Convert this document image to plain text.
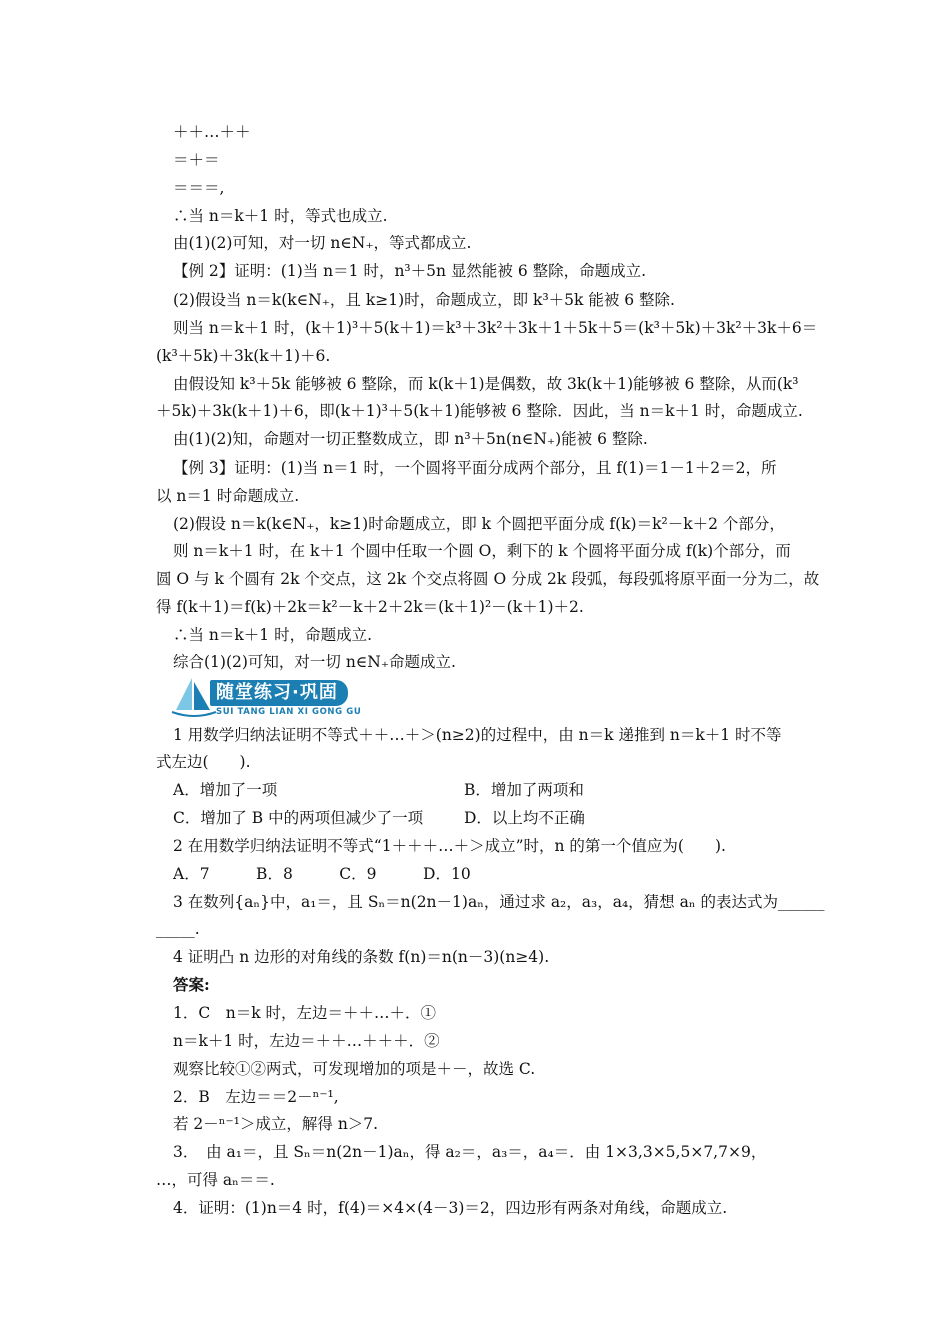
＋＋…＋＋
＝＋＝
＝＝＝,
∴当 n＝k＋1 时，等式也成立.
由(1)(2)可知，对一切 n∈N₊，等式都成立.
【例 2】证明：(1)当 n＝1 时，n³＋5n 显然能被 6 整除，命题成立.
(2)假设当 n＝k(k∈N₊，且 k≥1)时，命题成立，即 k³＋5k 能被 6 整除.
则当 n＝k＋1 时，(k＋1)³＋5(k＋1)＝k³＋3k²＋3k＋1＋5k＋5＝(k³＋5k)＋3k²＋3k＋6＝
(k³＋5k)＋3k(k＋1)＋6.
由假设知 k³＋5k 能够被 6 整除，而 k(k＋1)是偶数，故 3k(k＋1)能够被 6 整除，从而(k³
＋5k)＋3k(k＋1)＋6，即(k＋1)³＋5(k＋1)能够被 6 整除．因此，当 n＝k＋1 时，命题成立.
由(1)(2)知，命题对一切正整数成立，即 n³＋5n(n∈N₊)能被 6 整除.
【例 3】证明：(1)当 n＝1 时，一个圆将平面分成两个部分，且 f(1)＝1－1＋2＝2，所
以 n＝1 时命题成立.
(2)假设 n＝k(k∈N₊，k≥1)时命题成立，即 k 个圆把平面分成 f(k)＝k²－k＋2 个部分，
则 n＝k＋1 时，在 k＋1 个圆中任取一个圆 O，剩下的 k 个圆将平面分成 f(k)个部分，而
圆 O 与 k 个圆有 2k 个交点，这 2k 个交点将圆 O 分成 2k 段弧，每段弧将原平面一分为二，故
得 f(k＋1)＝f(k)＋2k＝k²－k＋2＋2k＝(k＋1)²－(k＋1)＋2.
∴当 n＝k＋1 时，命题成立.
综合(1)(2)可知，对一切 n∈N₊命题成立.
随堂练习·巩固
SUI TANG LIAN XI GONG GU
1 用数学归纳法证明不等式＋＋…＋＞(n≥2)的过程中，由 n＝k 递推到 n＝k＋1 时不等
式左边(　　).
A．增加了一项	B．增加了两项和
C．增加了 B 中的两项但减少了一项	D．以上均不正确
2 在用数学归纳法证明不等式“1＋＋＋…＋＞成立”时，n 的第一个值应为(　　).
A．7　　　B．8　　　C．9　　　D．10
3 在数列{aₙ}中，a₁＝，且 Sₙ＝n(2n－1)aₙ，通过求 a₂，a₃，a₄，猜想 aₙ 的表达式为______
_____.
4 证明凸 n 边形的对角线的条数 f(n)＝n(n－3)(n≥4).
答案:
1．C　n＝k 时，左边＝＋＋…＋．①
n＝k＋1 时，左边＝＋＋…＋＋＋．②
观察比较①②两式，可发现增加的项是＋－，故选 C.
2．B　左边＝＝2－ⁿ⁻¹,
若 2－ⁿ⁻¹＞成立，解得 n＞7.
3．　由 a₁＝，且 Sₙ＝n(2n－1)aₙ，得 a₂＝，a₃＝，a₄＝．由 1×3,3×5,5×7,7×9，
…，可得 aₙ＝＝.
4．证明：(1)n＝4 时，f(4)＝×4×(4－3)＝2，四边形有两条对角线，命题成立.
